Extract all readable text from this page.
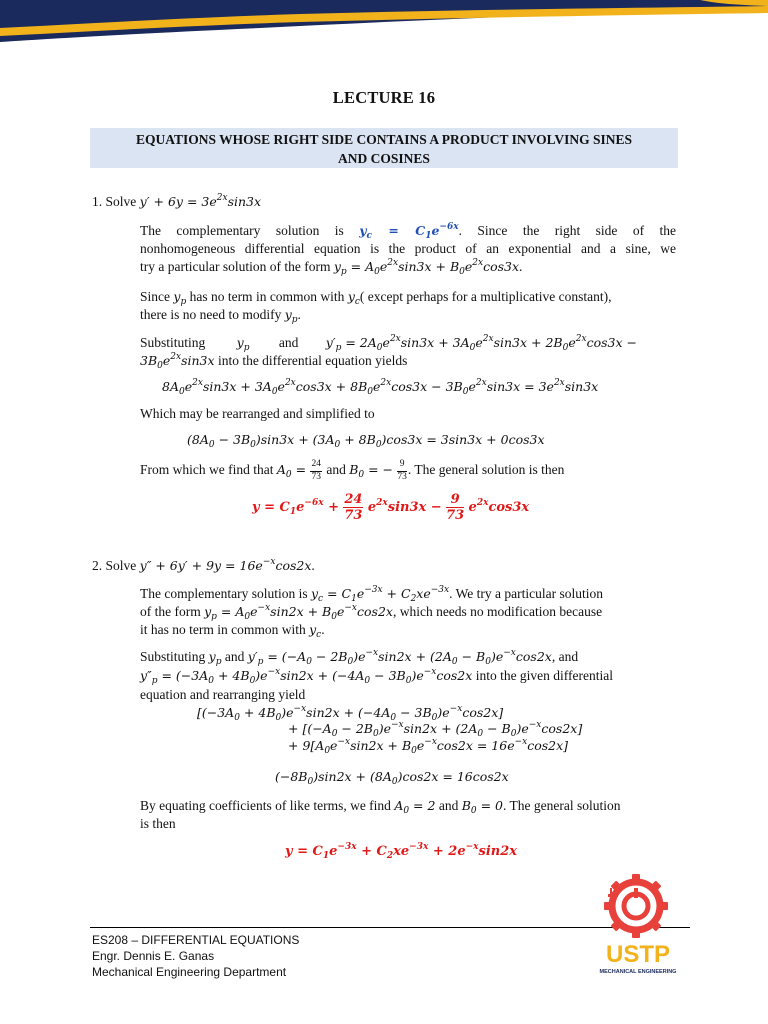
LECTURE 16
EQUATIONS WHOSE RIGHT SIDE CONTAINS A PRODUCT INVOLVING SINES
AND COSINES
1. Solve $y' + 6y = 3e^{2x}\sin 3x$
The complementary solution is $y_c = C_1e^{-6x}$. Since the right side of the
nonhomogeneous differential equation is the product of an exponential and a sine, we
try a particular solution of the form $y_p = A_0e^{2x}\sin 3x + B_0e^{2x}\cos 3x$.
Since $y_p$ has no term in common with $y_c$( except perhaps for a multiplicative constant),
there is no need to modify $y_p$.
Substituting	$y_p$ and $y'_p = 2A_0e^{2x}\sin 3x + 3A_0e^{2x}\sin 3x + 2B_0e^{2x}\cos 3x$ −
$3B_0e^{2x}\sin 3x$ into the differential equation yields
$8A_0e^{2x}\sin 3x + 3A_0e^{2x}\cos 3x + 8B_0e^{2x}\cos 3x - 3B_0e^{2x}\sin 3x = 3e^{2x}\sin 3x$
Which may be rearranged and simplified to
$(8A_0 - 3B_0)\sin 3x + (3A_0 + 8B_0)\cos 3x = 3\sin 3x + 0\cos 3x$
From which we find that $A_0 = \frac{24}{73}$ and $B_0$ = − $\frac{9}{73}$ . The general solution is then
$y = C_1e^{-6x} + \frac{24}{73} e^{2x}\sin 3x - \frac{9}{73} e^{2x}\cos 3x$
2. Solve $y'' + 6y' + 9y = 16e^{-x}\cos 2x$.
The complementary solution is $y_c = C_1e^{-3x} + C_2xe^{-3x}$. We try a particular solution
of the form $y_p = A_0e^{-x}\sin 2x + B_0e^{-x}\cos 2x$, which needs no modification because
it has no term in common with $y_c$.
Substituting $y_p$ and $y'_p = (-A_0 - 2B_0)e^{-x}\sin 2x + (2A_0 - B_0)e^{-x}\cos 2x$, and
$y''_p = (-3A_0 + 4B_0)e^{-x}\sin 2x + (-4A_0 - 3B_0)e^{-x}\cos 2x$ into the given differential
equation and rearranging yield
$[(-3A_0 + 4B_0)e^{-x}\sin 2x + (-4A_0 - 3B_0)e^{-x}\cos 2x]$
+ $[(-A_0 - 2B_0)e^{-x}\sin 2x + (2A_0 - B_0)e^{-x}\cos 2x]$
+ $9[A_0e^{-x}\sin 2x + B_0e^{-x}\cos 2x = 16e^{-x}\cos 2x]$
$(-8B_0)\sin 2x + (8A_0)\cos 2x = 16\cos 2x$
By equating coefficients of like terms, we find $A_0 = 2$ and $B_0 = 0$. The general solution
is then
$y = C_1e^{-3x} + C_2xe^{-3x} + 2e^{-x}\sin 2x$
ES208 – DIFFERENTIAL EQUATIONS
Engr. Dennis E. Ganas
Mechanical Engineering Department
USTP
MECHANICAL ENGINEERING
